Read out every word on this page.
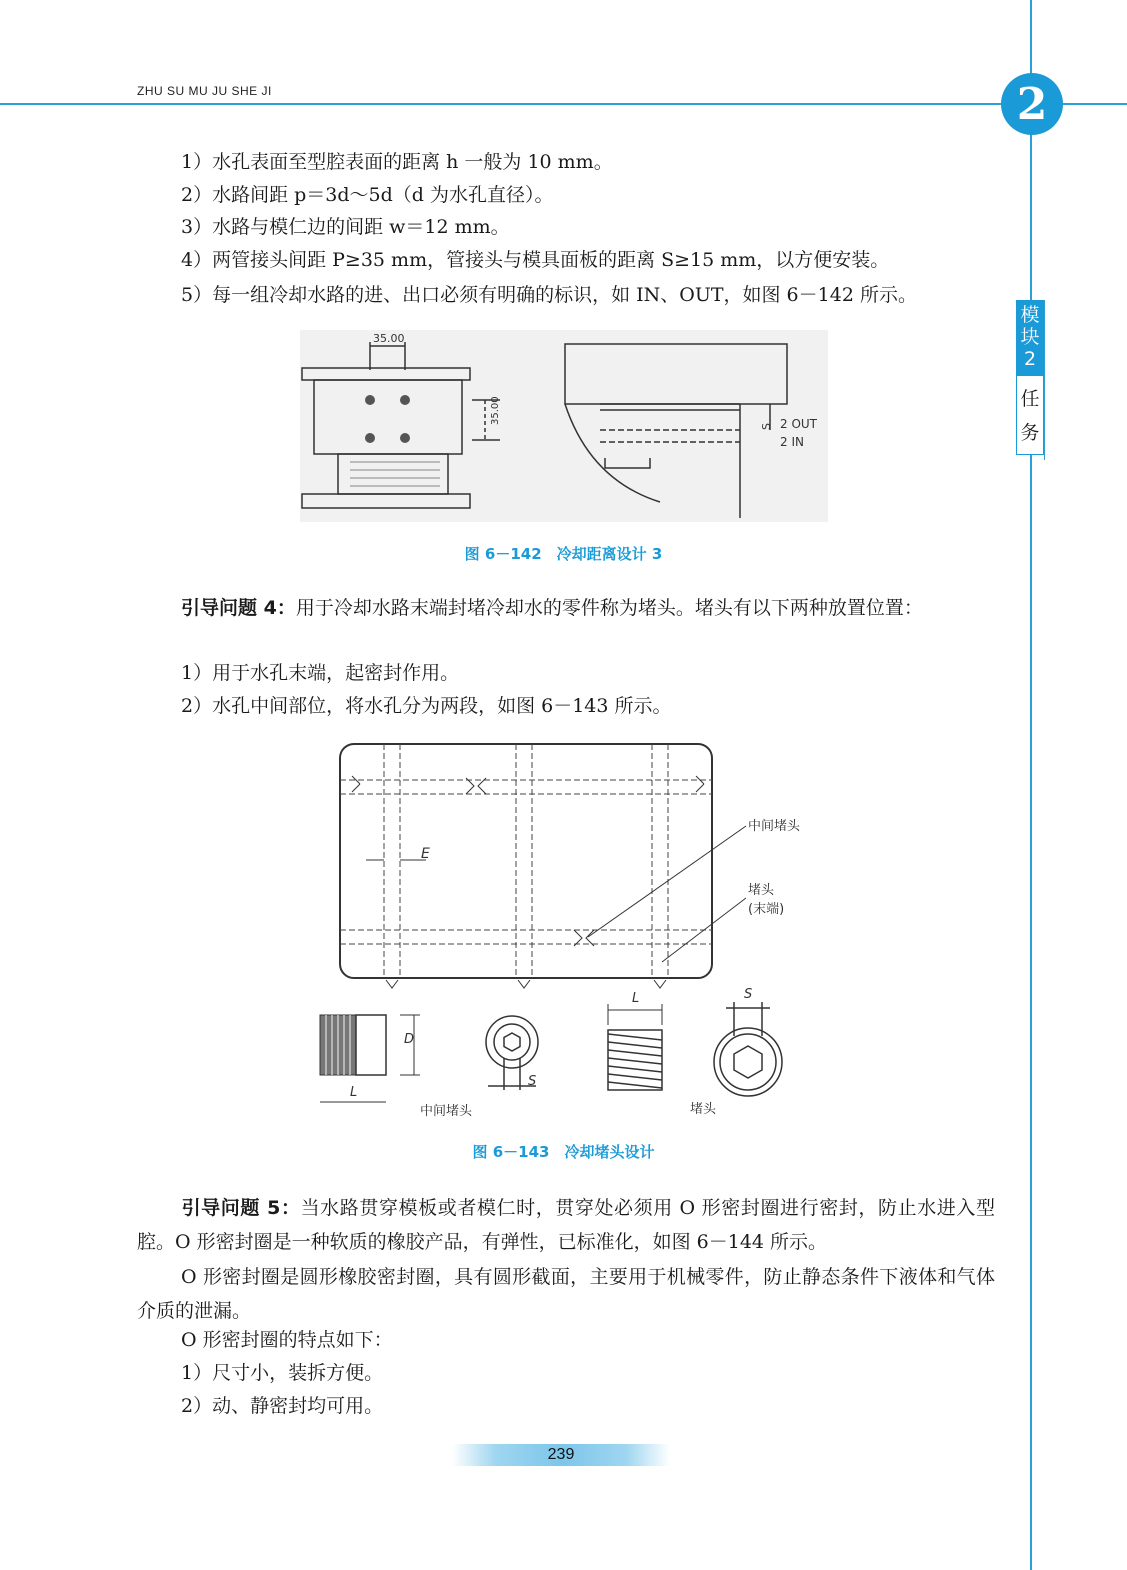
ZHU SU MU JU SHE JI	2
模
块
2
任
务
1）水孔表面至型腔表面的距离 h 一般为 10 mm。
2）水路间距 p＝3d～5d（d 为水孔直径）。
3）水路与模仁边的间距 w＝12 mm。
4）两管接头间距 P≥35 mm，管接头与模具面板的距离 S≥15 mm，以方便安装。
5）每一组冷却水路的进、出口必须有明确的标识，如 IN、OUT，如图 6－142 所示。
35.00
35.00
S 2 OUT
2 IN
图 6－142　冷却距离设计 3
引导问题 4：用于冷却水路末端封堵冷却水的零件称为堵头。堵头有以下两种放置位置：
1）用于水孔末端，起密封作用。
2）水孔中间部位，将水孔分为两段，如图 6－143 所示。
E
中间堵头
堵头
(末端)
D
L
S
中间堵头
L	S
堵头
图 6－143　冷却堵头设计
引导问题 5：当水路贯穿模板或者模仁时，贯穿处必须用 O 形密封圈进行密封，防止水进入型腔。O 形密封圈是一种软质的橡胶产品，有弹性，已标准化，如图 6－144 所示。
O 形密封圈是圆形橡胶密封圈，具有圆形截面，主要用于机械零件，防止静态条件下液体和气体介质的泄漏。
O 形密封圈的特点如下：
1）尺寸小，装拆方便。
2）动、静密封均可用。
239
